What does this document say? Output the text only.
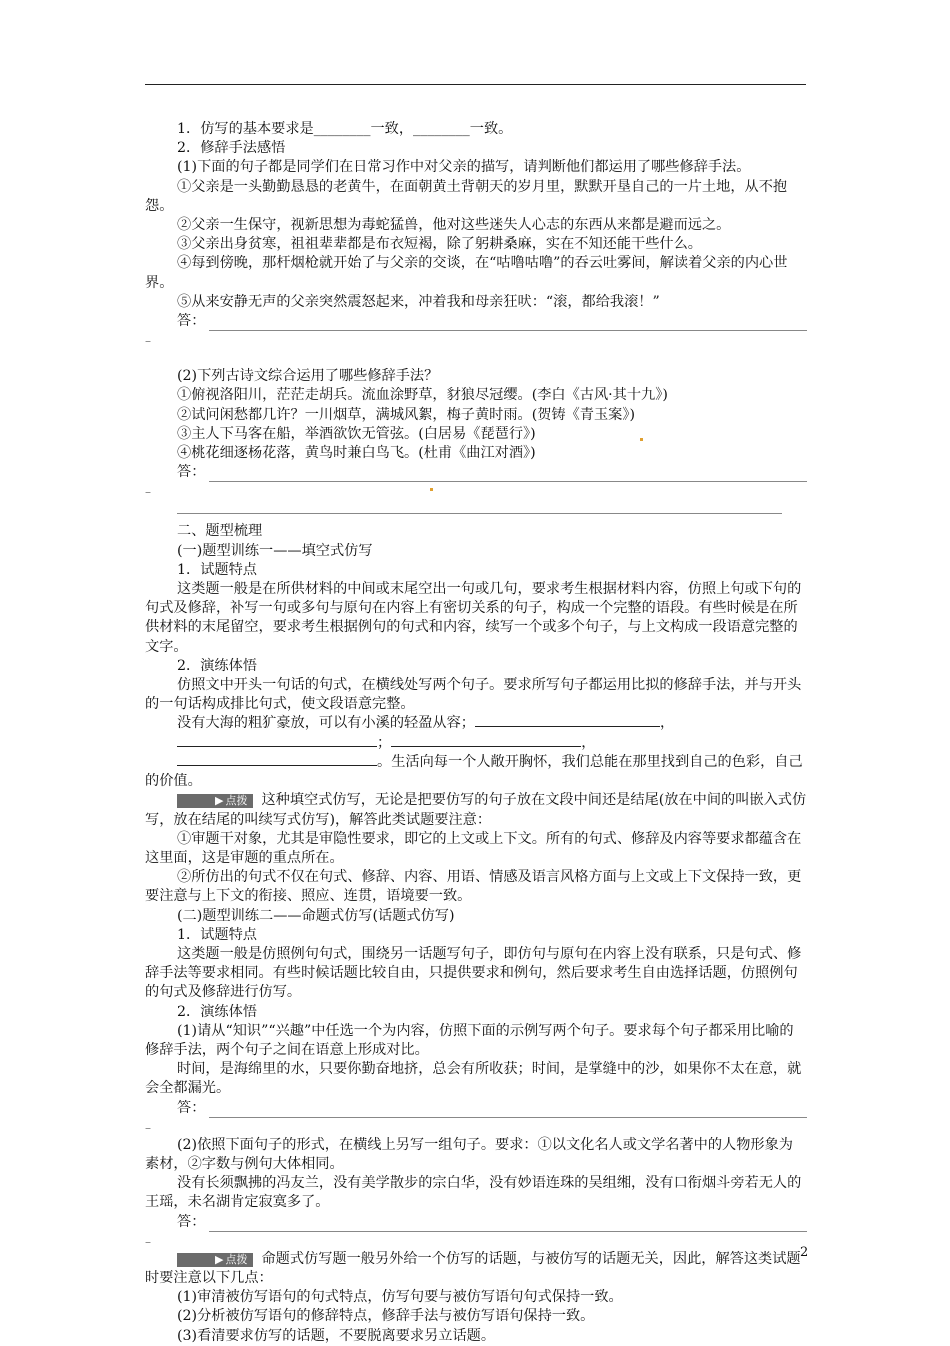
1．仿写的基本要求是________一致，________一致。

2．修辞手法感悟

(1)下面的句子都是同学们在日常习作中对父亲的描写，请判断他们都运用了哪些修辞手法。

①父亲是一头勤勤恳恳的老黄牛，在面朝黄土背朝天的岁月里，默默开垦自己的一片土地，从不抱怨。

②父亲一生保守，视新思想为毒蛇猛兽，他对这些迷失人心志的东西从来都是避而远之。

③父亲出身贫寒，祖祖辈辈都是布衣短褐，除了躬耕桑麻，实在不知还能干些什么。

④每到傍晚，那杆烟枪就开始了与父亲的交谈，在“咕噜咕噜”的吞云吐雾间，解读着父亲的内心世界。

⑤从来安静无声的父亲突然震怒起来，冲着我和母亲狂吠：“滚，都给我滚！”

答：
–

(2)下列古诗文综合运用了哪些修辞手法？

①俯视洛阳川，茫茫走胡兵。流血涂野草，豺狼尽冠缨。(李白《古风·其十九》)

②试问闲愁都几许？一川烟草，满城风絮，梅子黄时雨。(贺铸《青玉案》)

③主人下马客在船，举酒欲饮无管弦。(白居易《琵琶行》)

④桃花细逐杨花落，黄鸟时兼白鸟飞。(杜甫《曲江对酒》)

答：
–

二、题型梳理

(一)题型训练一——填空式仿写

1．试题特点

这类题一般是在所供材料的中间或末尾空出一句或几句，要求考生根据材料内容，仿照上句或下句的句式及修辞，补写一句或多句与原句在内容上有密切关系的句子，构成一个完整的语段。有些时候是在所供材料的末尾留空，要求考生根据例句的句式和内容，续写一个或多个句子，与上文构成一段语意完整的文字。

2．演练体悟

仿照文中开头一句话的句式，在横线处写两个句子。要求所写句子都运用比拟的修辞手法，并与开头的一句话构成排比句式，使文段语意完整。

没有大海的粗犷豪放，可以有小溪的轻盈从容；	，

；	，

。生活向每一个人敞开胸怀，我们总能在那里找到自己的色彩，自己的价值。

▶ 点拨 这种填空式仿写，无论是把要仿写的句子放在文段中间还是结尾(放在中间的叫嵌入式仿写，放在结尾的叫续写式仿写)，解答此类试题要注意：

①审题干对象，尤其是审隐性要求，即它的上文或上下文。所有的句式、修辞及内容等要求都蕴含在这里面，这是审题的重点所在。

②所仿出的句式不仅在句式、修辞、内容、用语、情感及语言风格方面与上文或上下文保持一致，更要注意与上下文的衔接、照应、连贯，语境要一致。

(二)题型训练二——命题式仿写(话题式仿写)

1．试题特点

这类题一般是仿照例句句式，围绕另一话题写句子，即仿句与原句在内容上没有联系，只是句式、修辞手法等要求相同。有些时候话题比较自由，只提供要求和例句，然后要求考生自由选择话题，仿照例句的句式及修辞进行仿写。

2．演练体悟

(1)请从“知识”“兴趣”中任选一个为内容，仿照下面的示例写两个句子。要求每个句子都采用比喻的修辞手法，两个句子之间在语意上形成对比。

时间，是海绵里的水，只要你勤奋地挤，总会有所收获；时间，是掌缝中的沙，如果你不太在意，就会全都漏光。

答：
–

(2)依照下面句子的形式，在横线上另写一组句子。要求：①以文化名人或文学名著中的人物形象为素材，②字数与例句大体相同。

没有长须飘拂的冯友兰，没有美学散步的宗白华，没有妙语连珠的吴组缃，没有口衔烟斗旁若无人的王瑶，未名湖肯定寂寞多了。

答：
–

▶ 点拨 命题式仿写题一般另外给一个仿写的话题，与被仿写的话题无关，因此，解答这类试题时要注意以下几点：

(1)审清被仿写语句的句式特点，仿写句要与被仿写语句句式保持一致。

(2)分析被仿写语句的修辞特点，修辞手法与被仿写语句保持一致。

(3)看清要求仿写的话题，不要脱离要求另立话题。

2
